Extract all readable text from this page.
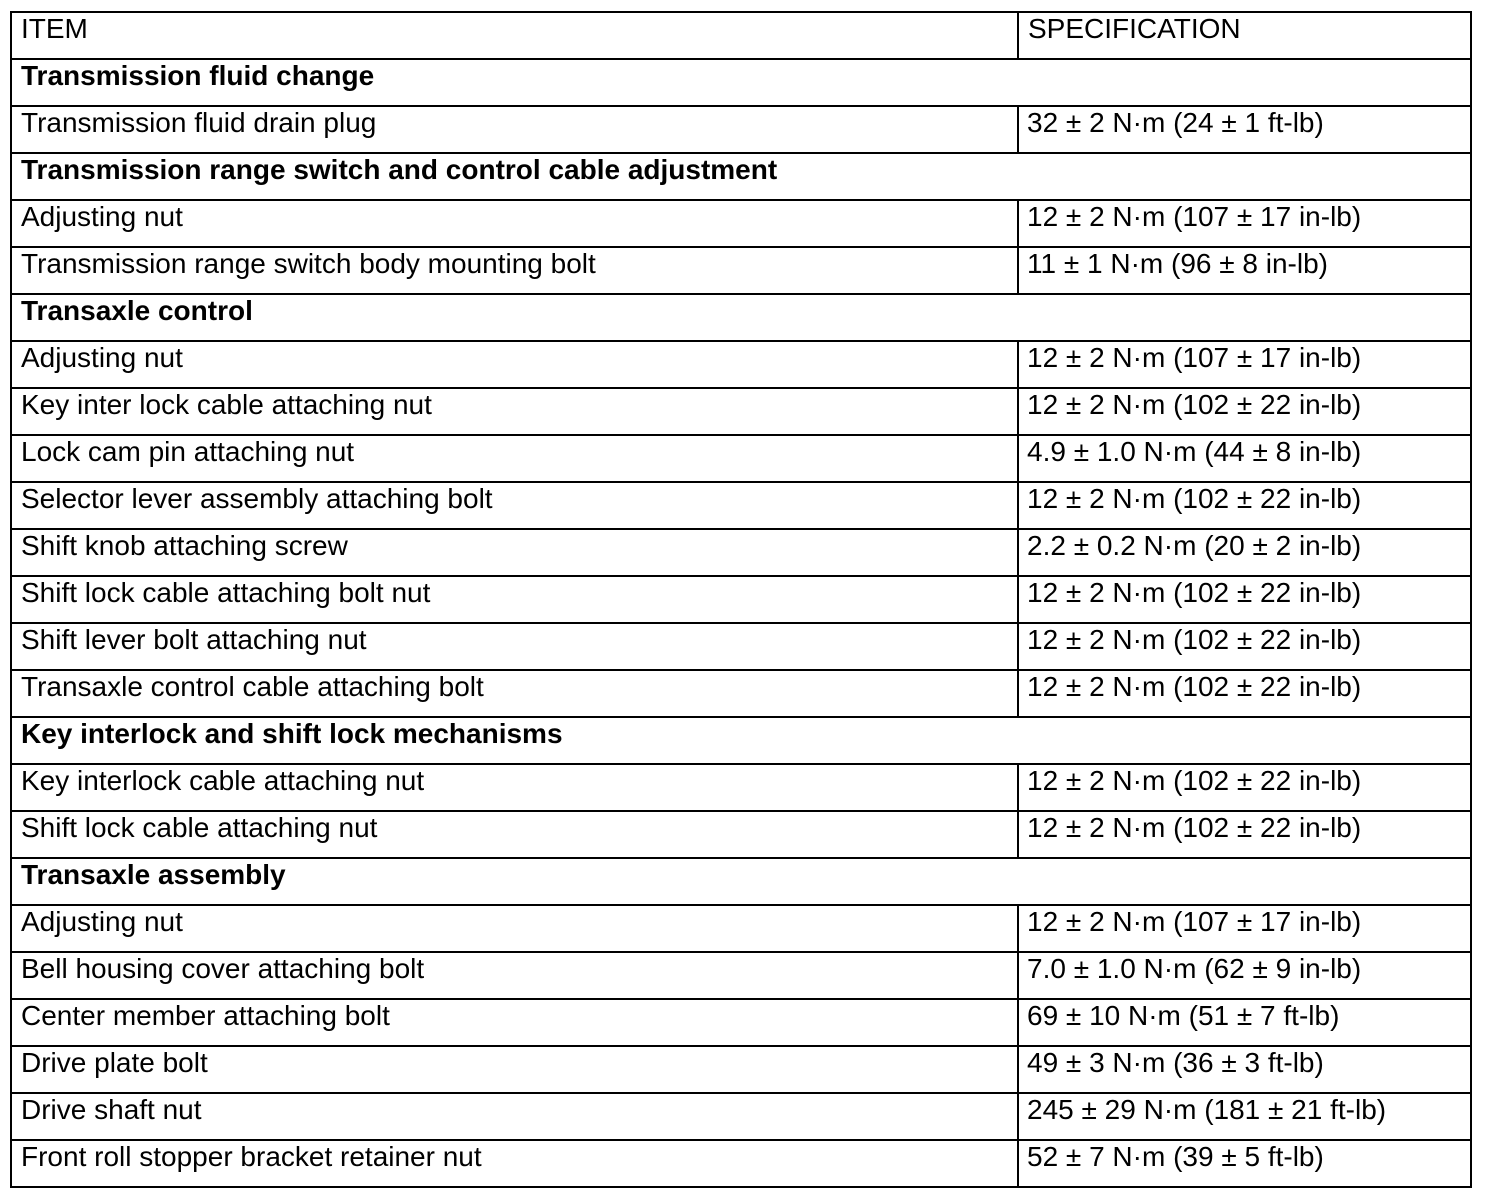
ITEM	SPECIFICATION

Transmission fluid change	

Transmission fluid drain plug	32 ± 2 N·m (24 ± 1 ft-lb)

Transmission range switch and control cable adjustment	

Adjusting nut	12 ± 2 N·m (107 ± 17 in-lb)

Transmission range switch body mounting bolt	11 ± 1 N·m (96 ± 8 in-lb)

Transaxle control	

Adjusting nut	12 ± 2 N·m (107 ± 17 in-lb)

Key inter lock cable attaching nut	12 ± 2 N·m (102 ± 22 in-lb)

Lock cam pin attaching nut	4.9 ± 1.0 N·m (44 ± 8 in-lb)

Selector lever assembly attaching bolt	12 ± 2 N·m (102 ± 22 in-lb)

Shift knob attaching screw	2.2 ± 0.2 N·m (20 ± 2 in-lb)

Shift lock cable attaching bolt nut	12 ± 2 N·m (102 ± 22 in-lb)

Shift lever bolt attaching nut	12 ± 2 N·m (102 ± 22 in-lb)

Transaxle control cable attaching bolt	12 ± 2 N·m (102 ± 22 in-lb)

Key interlock and shift lock mechanisms	

Key interlock cable attaching nut	12 ± 2 N·m (102 ± 22 in-lb)

Shift lock cable attaching nut	12 ± 2 N·m (102 ± 22 in-lb)

Transaxle assembly	

Adjusting nut	12 ± 2 N·m (107 ± 17 in-lb)

Bell housing cover attaching bolt	7.0 ± 1.0 N·m (62 ± 9 in-lb)

Center member attaching bolt	69 ± 10 N·m (51 ± 7 ft-lb)

Drive plate bolt	49 ± 3 N·m (36 ± 3 ft-lb)

Drive shaft nut	245 ± 29 N·m (181 ± 21 ft-lb)

Front roll stopper bracket retainer nut	52 ± 7 N·m (39 ± 5 ft-lb)
